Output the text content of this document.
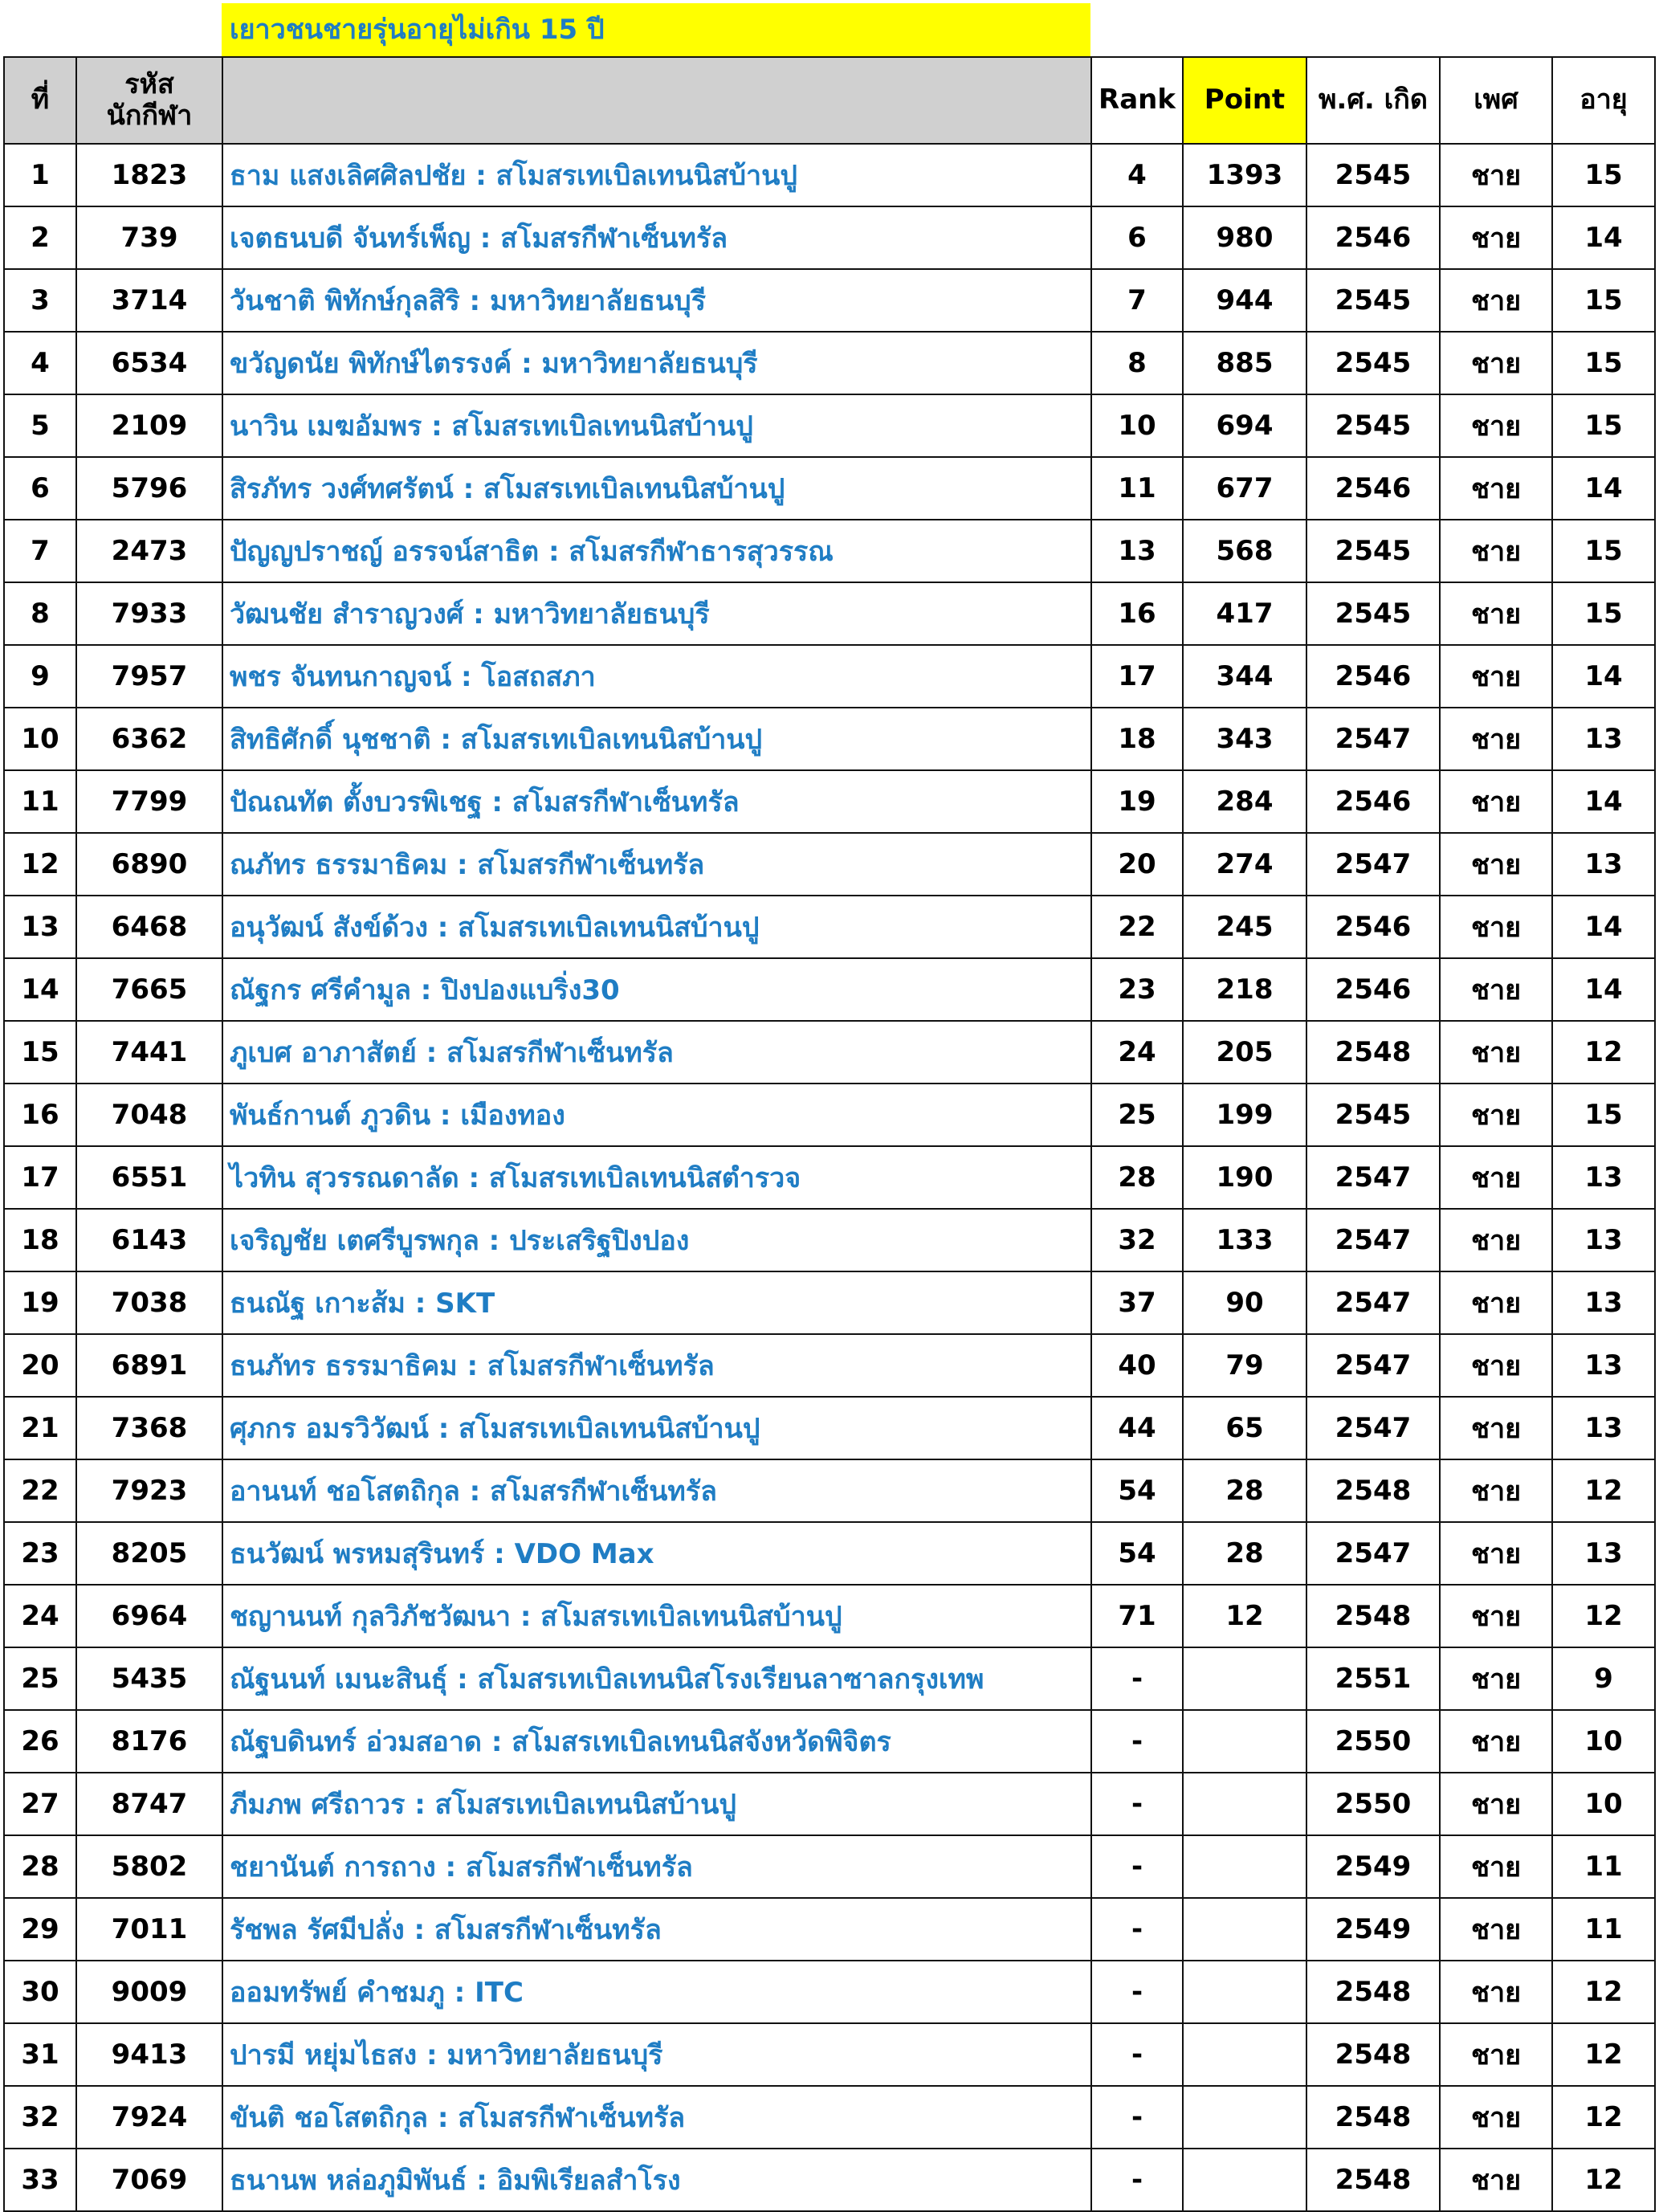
เยาวชนชายรุ่นอายุไม่เกิน 15 ปี
ที่	รหัส
นักกีฬา		Rank	Point	พ.ศ. เกิด	เพศ	อายุ
1	1823	ธาม แสงเลิศศิลปชัย : สโมสรเทเบิลเทนนิสบ้านปู	4	1393	2545	ชาย	15
2	739	เจตธนบดี จันทร์เพ็ญ : สโมสรกีฬาเซ็นทรัล	6	980	2546	ชาย	14
3	3714	วันชาติ พิทักษ์กุลสิริ : มหาวิทยาลัยธนบุรี	7	944	2545	ชาย	15
4	6534	ขวัญดนัย พิทักษ์ไตรรงค์ : มหาวิทยาลัยธนบุรี	8	885	2545	ชาย	15
5	2109	นาวิน เมฆอัมพร : สโมสรเทเบิลเทนนิสบ้านปู	10	694	2545	ชาย	15
6	5796	สิรภัทร วงศ์ทศรัตน์ : สโมสรเทเบิลเทนนิสบ้านปู	11	677	2546	ชาย	14
7	2473	ปัญญปราชญ์ อรรจน์สาธิต : สโมสรกีฬาธารสุวรรณ	13	568	2545	ชาย	15
8	7933	วัฒนชัย สำราญวงศ์ : มหาวิทยาลัยธนบุรี	16	417	2545	ชาย	15
9	7957	พชร จันทนกาญจน์ : โอสถสภา	17	344	2546	ชาย	14
10	6362	สิทธิศักดิ์ นุชชาติ : สโมสรเทเบิลเทนนิสบ้านปู	18	343	2547	ชาย	13
11	7799	ปัณณทัต ตั้งบวรพิเชฐ : สโมสรกีฬาเซ็นทรัล	19	284	2546	ชาย	14
12	6890	ณภัทร ธรรมาธิคม : สโมสรกีฬาเซ็นทรัล	20	274	2547	ชาย	13
13	6468	อนุวัฒน์ สังข์ด้วง : สโมสรเทเบิลเทนนิสบ้านปู	22	245	2546	ชาย	14
14	7665	ณัฐกร ศรีคำมูล : ปิงปองแบริ่ง30	23	218	2546	ชาย	14
15	7441	ภูเบศ อาภาสัตย์ : สโมสรกีฬาเซ็นทรัล	24	205	2548	ชาย	12
16	7048	พันธ์กานต์ ภูวดิน : เมืองทอง	25	199	2545	ชาย	15
17	6551	ไวทิน สุวรรณดาลัด : สโมสรเทเบิลเทนนิสตำรวจ	28	190	2547	ชาย	13
18	6143	เจริญชัย เตศรีบูรพกุล : ประเสริฐปิงปอง	32	133	2547	ชาย	13
19	7038	ธนณัฐ เกาะส้ม : SKT	37	90	2547	ชาย	13
20	6891	ธนภัทร ธรรมาธิคม : สโมสรกีฬาเซ็นทรัล	40	79	2547	ชาย	13
21	7368	ศุภกร อมรวิวัฒน์ : สโมสรเทเบิลเทนนิสบ้านปู	44	65	2547	ชาย	13
22	7923	อานนท์ ชอโสตถิกุล : สโมสรกีฬาเซ็นทรัล	54	28	2548	ชาย	12
23	8205	ธนวัฒน์ พรหมสุรินทร์ : VDO Max	54	28	2547	ชาย	13
24	6964	ชญานนท์ กุลวิภัชวัฒนา : สโมสรเทเบิลเทนนิสบ้านปู	71	12	2548	ชาย	12
25	5435	ณัฐนนท์ เมนะสินธุ์ : สโมสรเทเบิลเทนนิสโรงเรียนลาซาลกรุงเทพ	-		2551	ชาย	9
26	8176	ณัฐบดินทร์ อ่วมสอาด : สโมสรเทเบิลเทนนิสจังหวัดพิจิตร	-		2550	ชาย	10
27	8747	ภีมภพ ศรีถาวร : สโมสรเทเบิลเทนนิสบ้านปู	-		2550	ชาย	10
28	5802	ชยานันต์ การถาง : สโมสรกีฬาเซ็นทรัล	-		2549	ชาย	11
29	7011	รัชพล รัศมีปลั่ง : สโมสรกีฬาเซ็นทรัล	-		2549	ชาย	11
30	9009	ออมทรัพย์ คำชมภู : ITC	-		2548	ชาย	12
31	9413	ปารมี หยุ่มไธสง : มหาวิทยาลัยธนบุรี	-		2548	ชาย	12
32	7924	ขันติ ชอโสตถิกุล : สโมสรกีฬาเซ็นทรัล	-		2548	ชาย	12
33	7069	ธนานพ หล่อภูมิพันธ์ : อิมพิเรียลสำโรง	-		2548	ชาย	12
